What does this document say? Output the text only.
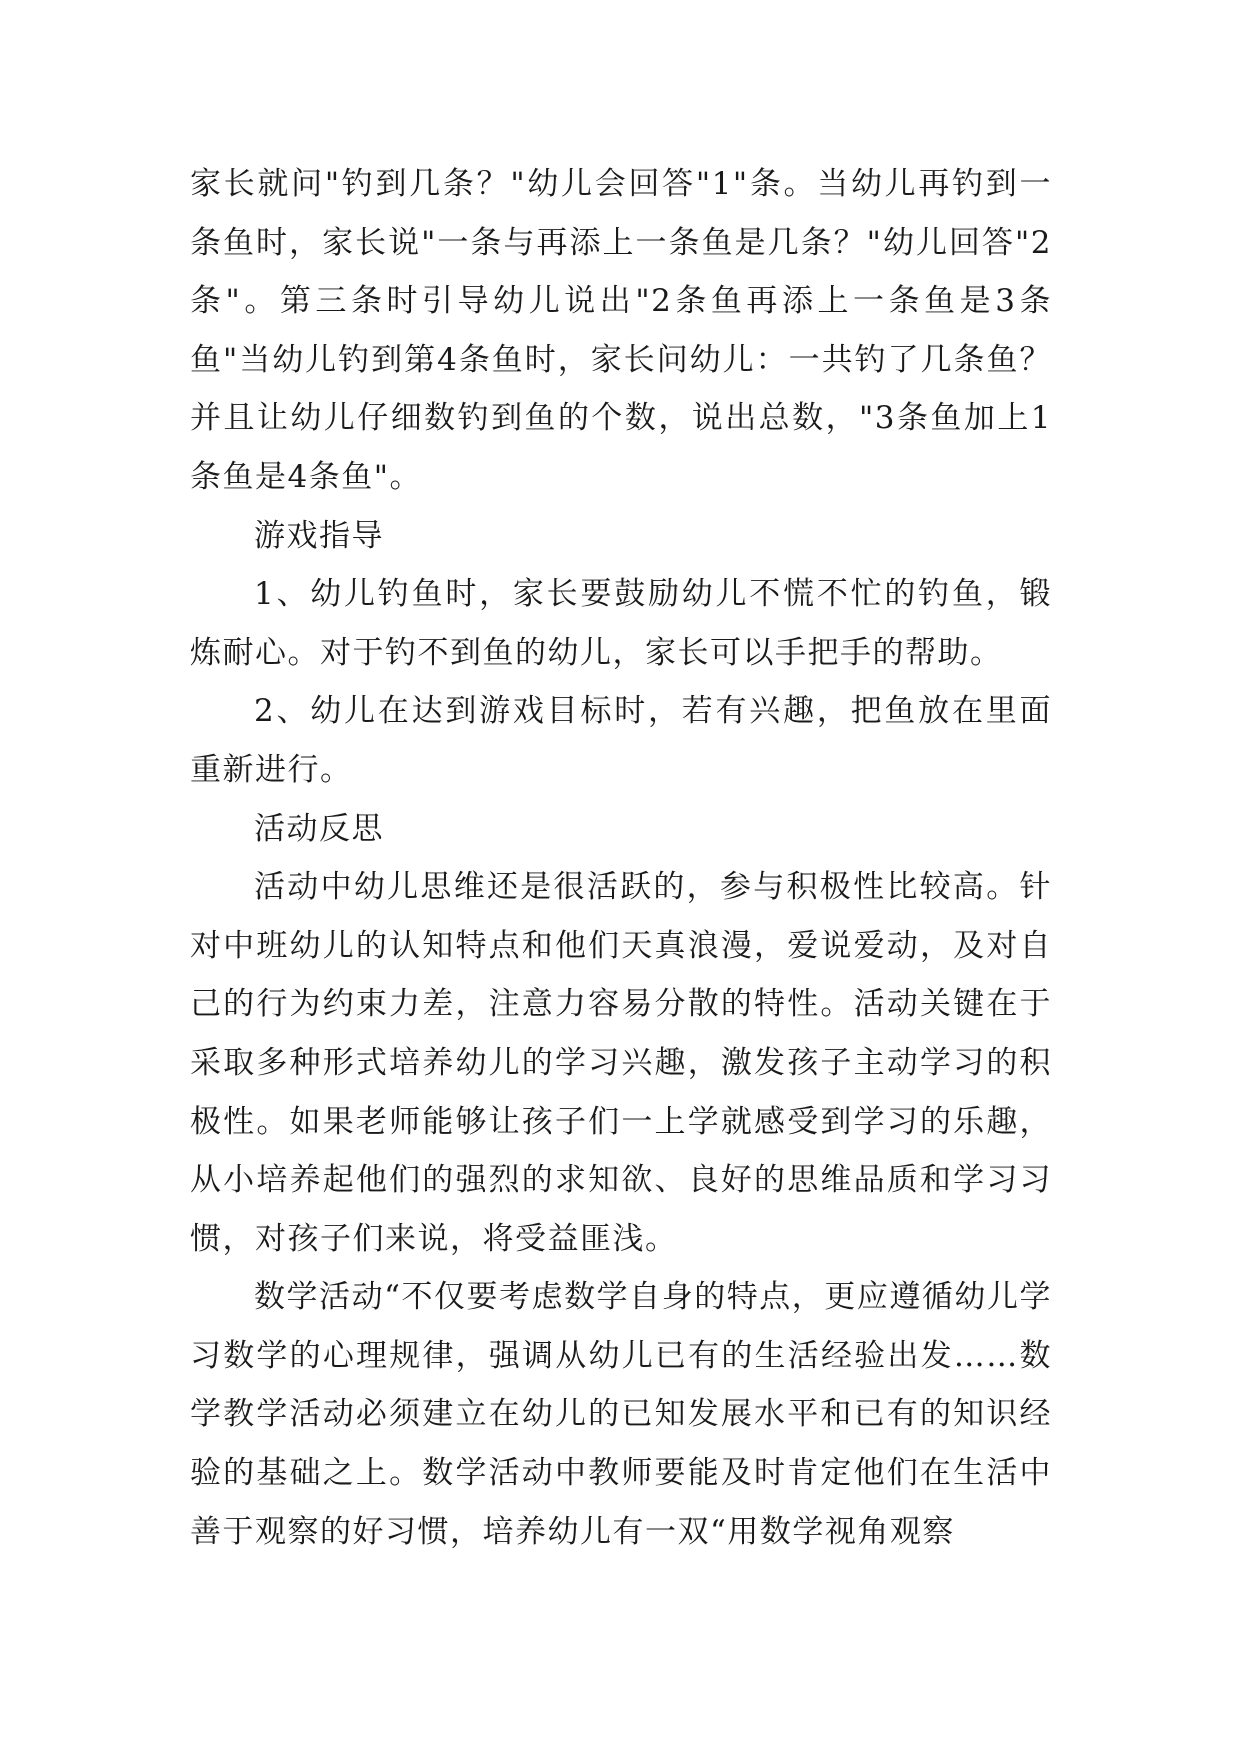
家长就问"钓到几条？"幼儿会回答"1"条。当幼儿再钓到一条鱼时，家长说"一条与再添上一条鱼是几条？"幼儿回答"2条"。第三条时引导幼儿说出"2条鱼再添上一条鱼是3条鱼"当幼儿钓到第4条鱼时，家长问幼儿：一共钓了几条鱼？并且让幼儿仔细数钓到鱼的个数，说出总数，"3条鱼加上1条鱼是4条鱼"。

游戏指导

1、幼儿钓鱼时，家长要鼓励幼儿不慌不忙的钓鱼，锻炼耐心。对于钓不到鱼的幼儿，家长可以手把手的帮助。

2、幼儿在达到游戏目标时，若有兴趣，把鱼放在里面重新进行。

活动反思

活动中幼儿思维还是很活跃的，参与积极性比较高。针对中班幼儿的认知特点和他们天真浪漫，爱说爱动，及对自己的行为约束力差，注意力容易分散的特性。活动关键在于采取多种形式培养幼儿的学习兴趣，激发孩子主动学习的积极性。如果老师能够让孩子们一上学就感受到学习的乐趣，从小培养起他们的强烈的求知欲、良好的思维品质和学习习惯，对孩子们来说，将受益匪浅。

数学活动“不仅要考虑数学自身的特点，更应遵循幼儿学习数学的心理规律，强调从幼儿已有的生活经验出发……数学教学活动必须建立在幼儿的已知发展水平和已有的知识经验的基础之上。数学活动中教师要能及时肯定他们在生活中善于观察的好习惯，培养幼儿有一双“用数学视角观察
